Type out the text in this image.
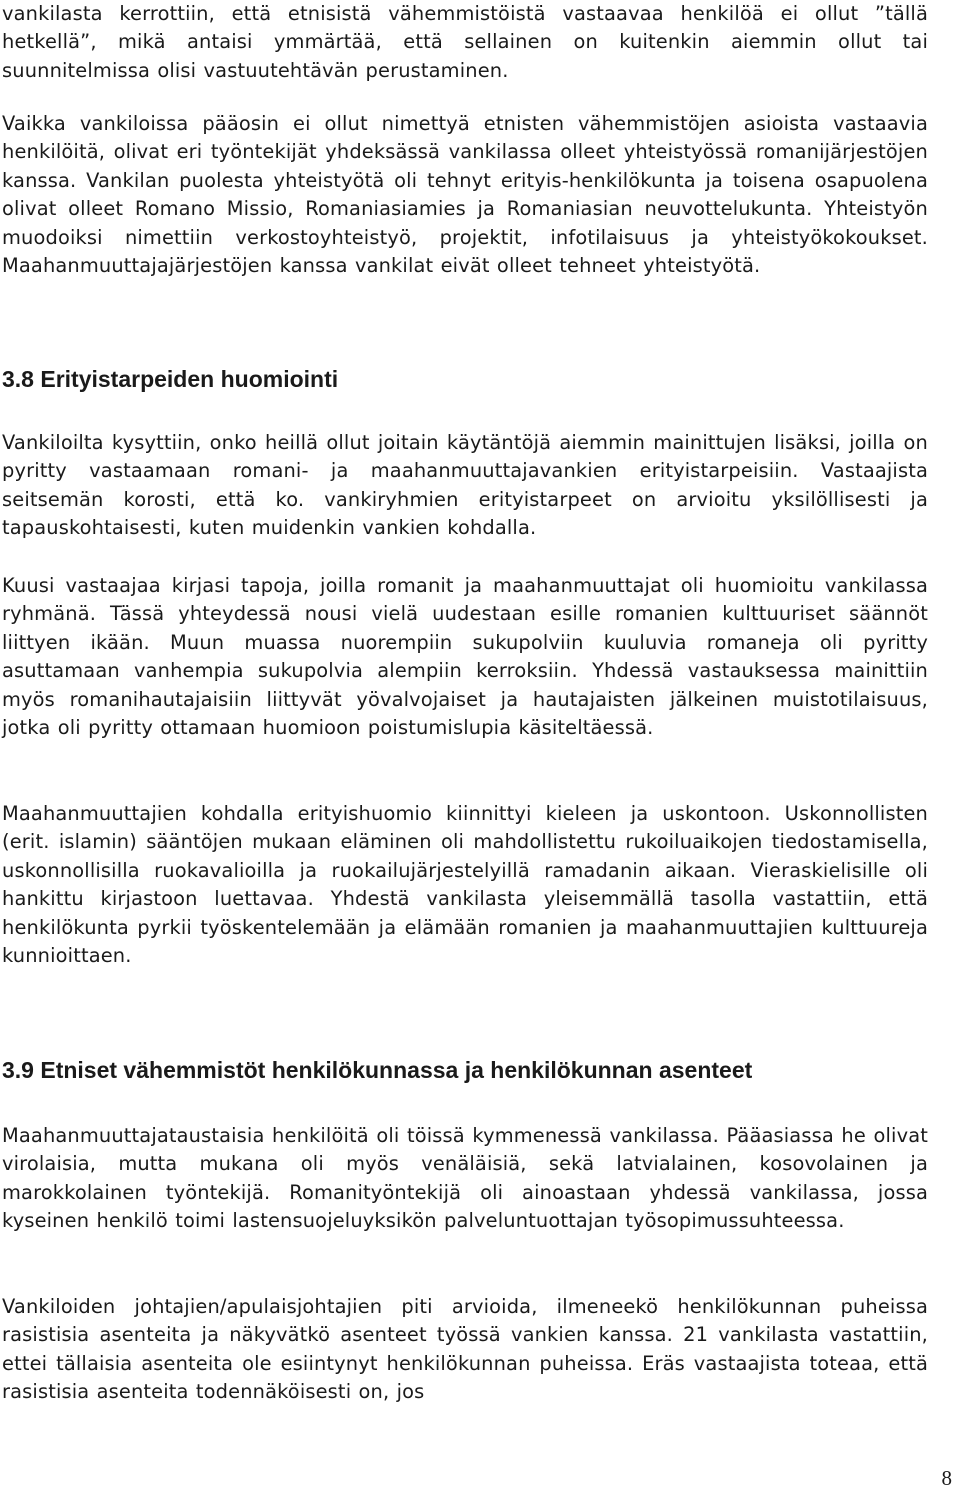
vankilasta kerrottiin, että etnisistä vähemmistöistä vastaavaa henkilöä ei ollut ”tällä hetkellä”, mikä antaisi ymmärtää, että sellainen on kuitenkin aiemmin ollut tai suunnitelmissa olisi vastuutehtävän perustaminen.

Vaikka vankiloissa pääosin ei ollut nimettyä etnisten vähemmistöjen asioista vastaavia henkilöitä, olivat eri työntekijät yhdeksässä vankilassa olleet yhteistyössä romanijärjestöjen kanssa. Vankilan puolesta yhteistyötä oli tehnyt erityis-henkilökunta ja toisena osapuolena olivat olleet Romano Missio, Romaniasiamies ja Romaniasian neuvottelukunta. Yhteistyön muodoiksi nimettiin verkostoyhteistyö, projektit, infotilaisuus ja yhteistyökokoukset. Maahanmuuttajajärjestöjen kanssa vankilat eivät olleet tehneet yhteistyötä.

3.8 Erityistarpeiden huomiointi

Vankiloilta kysyttiin, onko heillä ollut joitain käytäntöjä aiemmin mainittujen lisäksi, joilla on pyritty vastaamaan romani- ja maahanmuuttajavankien erityistarpeisiin. Vastaajista seitsemän korosti, että ko. vankiryhmien erityistarpeet on arvioitu yksilöllisesti ja tapauskohtaisesti, kuten muidenkin vankien kohdalla.

Kuusi vastaajaa kirjasi tapoja, joilla romanit ja maahanmuuttajat oli huomioitu vankilassa ryhmänä. Tässä yhteydessä nousi vielä uudestaan esille romanien kulttuuriset säännöt liittyen ikään. Muun muassa nuorempiin sukupolviin kuuluvia romaneja oli pyritty asuttamaan vanhempia sukupolvia alempiin kerroksiin. Yhdessä vastauksessa mainittiin myös romanihautajaisiin liittyvät yövalvojaiset ja hautajaisten jälkeinen muistotilaisuus, jotka oli pyritty ottamaan huomioon poistumislupia käsiteltäessä.

Maahanmuuttajien kohdalla erityishuomio kiinnittyi kieleen ja uskontoon. Uskonnollisten (erit. islamin) sääntöjen mukaan eläminen oli mahdollistettu rukoiluaikojen tiedostamisella, uskonnollisilla ruokavalioilla ja ruokailujärjestelyillä ramadanin aikaan. Vieraskielisille oli hankittu kirjastoon luettavaa. Yhdestä vankilasta yleisemmällä tasolla vastattiin, että henkilökunta pyrkii työskentelemään ja elämään romanien ja maahanmuuttajien kulttuureja kunnioittaen.

3.9 Etniset vähemmistöt henkilökunnassa ja henkilökunnan asenteet

Maahanmuuttajataustaisia henkilöitä oli töissä kymmenessä vankilassa. Pääasiassa he olivat virolaisia, mutta mukana oli myös venäläisiä, sekä latvialainen, kosovolainen ja marokkolainen työntekijä. Romanityöntekijä oli ainoastaan yhdessä vankilassa, jossa kyseinen henkilö toimi lastensuojeluyksikön palveluntuottajan työsopimussuhteessa.

Vankiloiden johtajien/apulaisjohtajien piti arvioida, ilmeneekö henkilökunnan puheissa rasistisia asenteita ja näkyvätkö asenteet työssä vankien kanssa. 21 vankilasta vastattiin, ettei tällaisia asenteita ole esiintynyt henkilökunnan puheissa. Eräs vastaajista toteaa, että rasistisia asenteita todennäköisesti on, jos

8
